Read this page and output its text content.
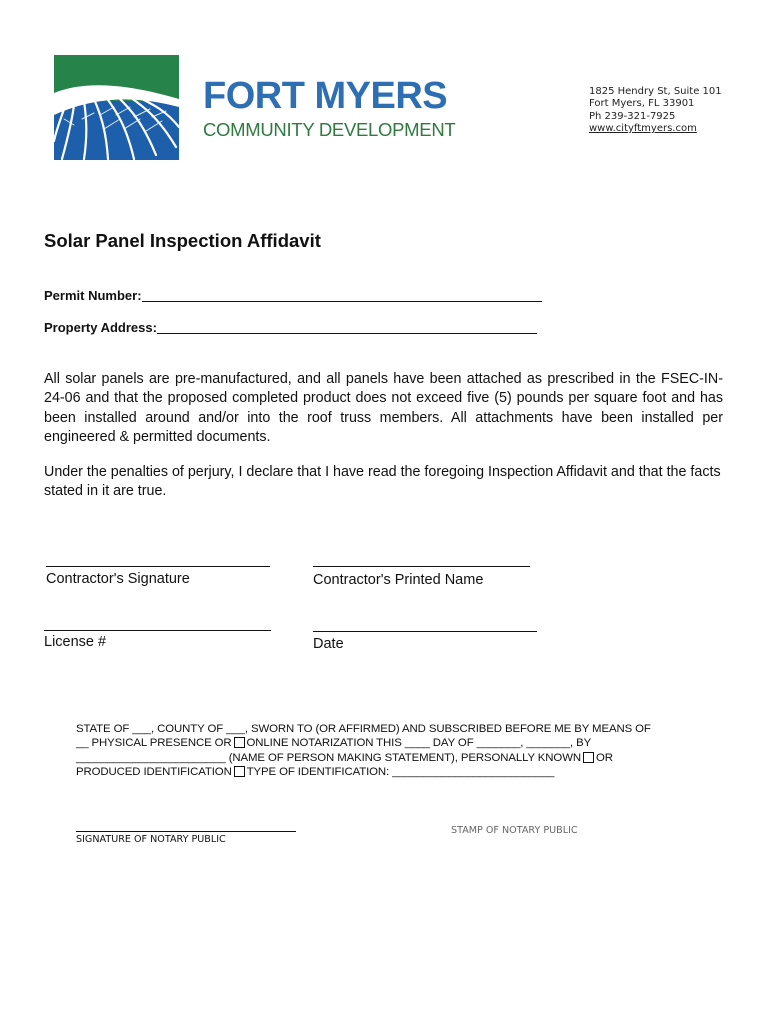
FORT MYERS
COMMUNITY DEVELOPMENT
1825 Hendry St, Suite 101
Fort Myers, FL 33901
Ph 239-321-7925
www.cityftmyers.com
Solar Panel Inspection Affidavit
Permit Number:
Property Address:
All solar panels are pre-manufactured, and all panels have been attached as prescribed in the FSEC-IN-24-06 and that the proposed completed product does not exceed five (5) pounds per square foot and has been installed around and/or into the roof truss members. All attachments have been installed per engineered & permitted documents.
Under the penalties of perjury, I declare that I have read the foregoing Inspection Affidavit and that the facts stated in it are true.
Contractor's Signature	Contractor's Printed Name
License #	Date
STATE OF ___, COUNTY OF ___, SWORN TO (OR AFFIRMED) AND SUBSCRIBED BEFORE ME BY MEANS OF
__ PHYSICAL PRESENCE OR ONLINE NOTARIZATION THIS ____ DAY OF _______, _______, BY
________________________ (NAME OF PERSON MAKING STATEMENT), PERSONALLY KNOWN OR
PRODUCED IDENTIFICATION TYPE OF IDENTIFICATION: __________________________
SIGNATURE OF NOTARY PUBLIC
STAMP OF NOTARY PUBLIC
